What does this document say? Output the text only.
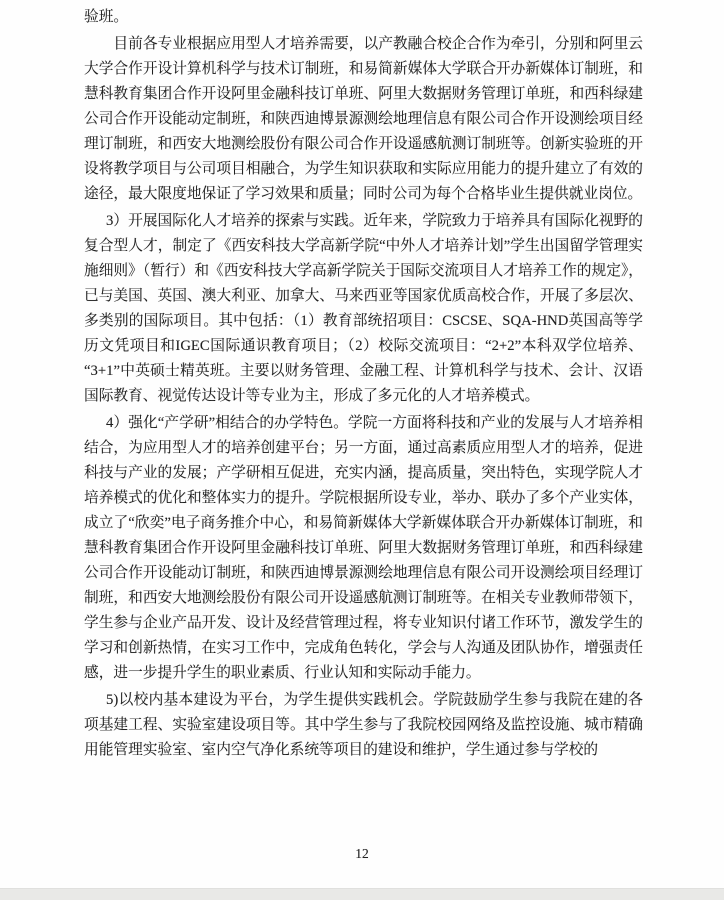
验班。

目前各专业根据应用型人才培养需要，以产教融合校企合作为牵引，分别和阿里云大学合作开设计算机科学与技术订制班，和易简新媒体大学联合开办新媒体订制班，和慧科教育集团合作开设阿里金融科技订单班、阿里大数据财务管理订单班，和西科绿建公司合作开设能动定制班，和陕西迪博景源测绘地理信息有限公司合作开设测绘项目经理订制班，和西安大地测绘股份有限公司合作开设遥感航测订制班等。创新实验班的开设将教学项目与公司项目相融合，为学生知识获取和实际应用能力的提升建立了有效的途径，最大限度地保证了学习效果和质量；同时公司为每个合格毕业生提供就业岗位。

3）开展国际化人才培养的探索与实践。近年来，学院致力于培养具有国际化视野的复合型人才，制定了《西安科技大学高新学院“中外人才培养计划”学生出国留学管理实施细则》（暂行）和《西安科技大学高新学院关于国际交流项目人才培养工作的规定》，已与美国、英国、澳大利亚、加拿大、马来西亚等国家优质高校合作，开展了多层次、多类别的国际项目。其中包括：（1）教育部统招项目：CSCSE、SQA-HND英国高等学历文凭项目和IGEC国际通识教育项目；（2）校际交流项目：“2+2”本科双学位培养、“3+1”中英硕士精英班。主要以财务管理、金融工程、计算机科学与技术、会计、汉语国际教育、视觉传达设计等专业为主，形成了多元化的人才培养模式。

4）强化“产学研”相结合的办学特色。学院一方面将科技和产业的发展与人才培养相结合，为应用型人才的培养创建平台；另一方面，通过高素质应用型人才的培养，促进科技与产业的发展；产学研相互促进，充实内涵，提高质量，突出特色，实现学院人才培养模式的优化和整体实力的提升。学院根据所设专业，举办、联办了多个产业实体，成立了“欣奕”电子商务推介中心，和易简新媒体大学新媒体联合开办新媒体订制班，和慧科教育集团合作开设阿里金融科技订单班、阿里大数据财务管理订单班，和西科绿建公司合作开设能动订制班，和陕西迪博景源测绘地理信息有限公司开设测绘项目经理订制班，和西安大地测绘股份有限公司开设遥感航测订制班等。在相关专业教师带领下，学生参与企业产品开发、设计及经营管理过程，将专业知识付诸工作环节，激发学生的学习和创新热情，在实习工作中，完成角色转化，学会与人沟通及团队协作，增强责任感，进一步提升学生的职业素质、行业认知和实际动手能力。

5)以校内基本建设为平台，为学生提供实践机会。学院鼓励学生参与我院在建的各项基建工程、实验室建设项目等。其中学生参与了我院校园网络及监控设施、城市精确用能管理实验室、室内空气净化系统等项目的建设和维护，学生通过参与学校的

12
